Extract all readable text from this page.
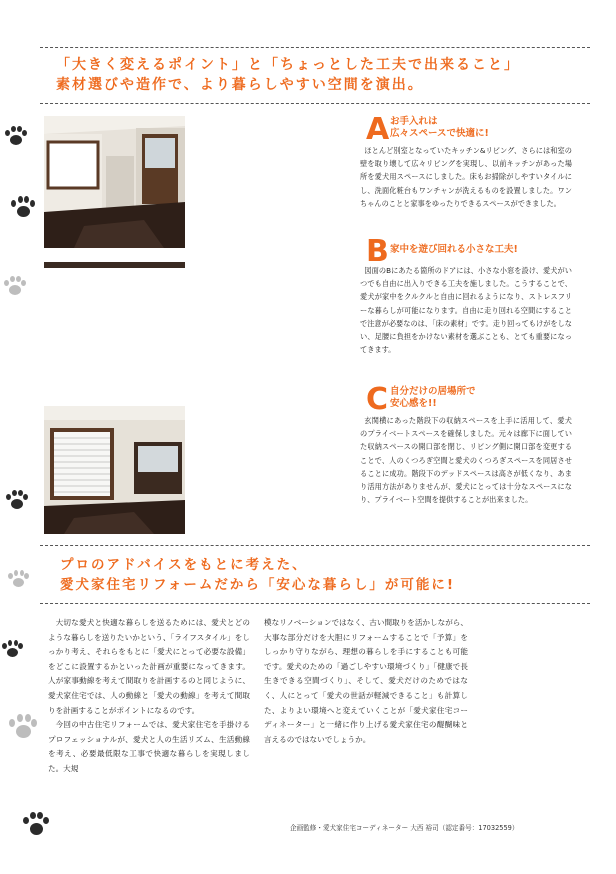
「大きく変えるポイント」と「ちょっとした工夫で出来ること」
素材選びや造作で、より暮らしやすい空間を演出。
A お手入れは
広々スペースで快適に!
ほとんど別室となっていたキッチン&リビング、さらには和室の壁を取り壊して広々リビングを実現し、以前キッチンがあった場所を愛犬用スペースにしました。床もお掃除がしやすいタイルにし、洗面化粧台もワンチャンが洗えるものを設置しました。ワンちゃんのことと家事をゆったりできるスペースができました。
B 家中を遊び回れる小さな工夫!
図面のBにあたる箇所のドアには、小さな小窓を設け、愛犬がいつでも自由に出入りできる工夫を施しました。こうすることで、愛犬が家中をクルクルと自由に回れるようになり、ストレスフリーな暮らしが可能になります。自由に走り回れる空間にすることで注意が必要なのは、「床の素材」です。走り回ってもけがをしない、足腰に負担をかけない素材を選ぶことも、とても重要になってきます。
C 自分だけの居場所で
安心感を!!
玄関横にあった階段下の収納スペースを上手に活用して、愛犬のプライベートスペースを確保しました。元々は廊下に面していた収納スペースの開口部を閉じ、リビング側に開口部を変更することで、人のくつろぎ空間と愛犬のくつろぎスペースを同居させることに成功。階段下のデッドスペースは高さが低くなり、あまり活用方法がありませんが、愛犬にとっては十分なスペースになり、プライベート空間を提供することが出来ました。
プロのアドバイスをもとに考えた、
愛犬家住宅リフォームだから「安心な暮らし」が可能に!

大切な愛犬と快適な暮らしを送るためには、愛犬とどのような暮らしを送りたいかという、「ライフスタイル」をしっかり考え、それらをもとに「愛犬にとって必要な設備」をどこに設置するかといった計画が重要になってきます。人が家事動線を考えて間取りを計画するのと同じように、愛犬家住宅では、人の動線と「愛犬の動線」を考えて間取りを計画することがポイントになるのです。

今回の中古住宅リフォームでは、愛犬家住宅を手掛けるプロフェッショナルが、愛犬と人の生活リズム、生活動線を考え、必要最低限な工事で快適な暮らしを実現しました。大規

模なリノベーションではなく、古い間取りを活かしながら、大事な部分だけを大胆にリフォームすることで「予算」をしっかり守りながら、理想の暮らしを手にすることも可能です。愛犬のための「過ごしやすい環境づくり」「健康で長生きできる空間づくり」、そして、愛犬だけのためではなく、人にとって「愛犬の世話が軽減できること」も計算した、よりよい環境へと変えていくことが「愛犬家住宅コーディネーター」と一緒に作り上げる愛犬家住宅の醍醐味と言えるのではないでしょうか。

企画監修・愛犬家住宅コーディネーター 大西 裕司（認定番号：17032559）
